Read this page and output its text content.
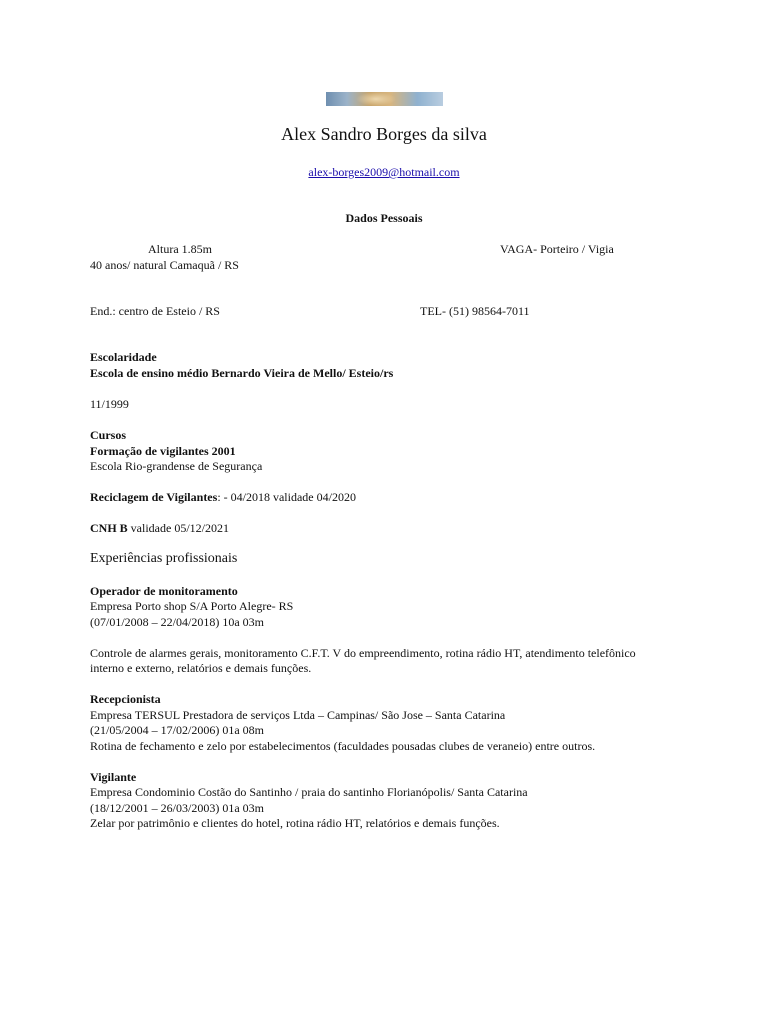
Alex Sandro Borges da silva
alex-borges2009@hotmail.com
Dados Pessoais
Altura 1.85m	VAGA- Porteiro / Vigia
40 anos/ natural Camaquã / RS
End.: centro de Esteio / RS	TEL- (51) 98564-7011
Escolaridade
Escola de ensino médio Bernardo Vieira de Mello/ Esteio/rs
11/1999
Cursos
Formação de vigilantes 2001
Escola Rio-grandense de Segurança
Reciclagem de Vigilantes: - 04/2018 validade 04/2020
CNH B validade 05/12/2021
Experiências profissionais
Operador de monitoramento
Empresa Porto shop S/A Porto Alegre- RS
(07/01/2008 – 22/04/2018) 10a 03m
Controle de alarmes gerais, monitoramento C.F.T. V do empreendimento, rotina rádio HT, atendimento telefônico
interno e externo, relatórios e demais funções.
Recepcionista
Empresa TERSUL Prestadora de serviços Ltda – Campinas/ São Jose – Santa Catarina
(21/05/2004 – 17/02/2006) 01a 08m
Rotina de fechamento e zelo por estabelecimentos (faculdades pousadas clubes de veraneio) entre outros.
Vigilante
Empresa Condominio Costão do Santinho / praia do santinho Florianópolis/ Santa Catarina
(18/12/2001 – 26/03/2003) 01a 03m
Zelar por patrimônio e clientes do hotel, rotina rádio HT, relatórios e demais funções.
